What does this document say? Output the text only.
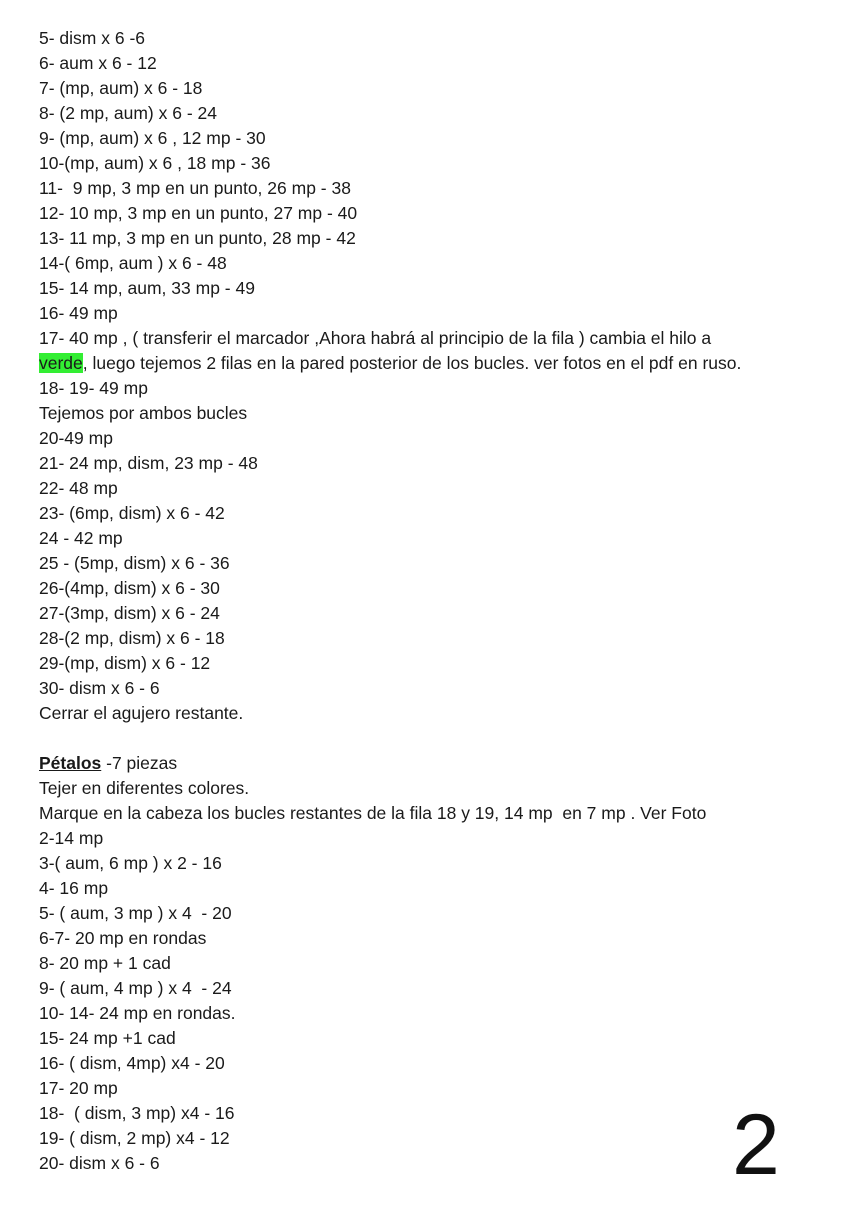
5- dism x 6 -6
6- aum x 6 - 12
7- (mp, aum) x 6 - 18
8- (2 mp, aum) x 6 - 24
9- (mp, aum) x 6 , 12 mp - 30
10-(mp, aum) x 6 , 18 mp - 36
11-  9 mp, 3 mp en un punto, 26 mp - 38
12- 10 mp, 3 mp en un punto, 27 mp - 40
13- 11 mp, 3 mp en un punto, 28 mp - 42
14-( 6mp, aum ) x 6 - 48
15- 14 mp, aum, 33 mp - 49
16- 49 mp
17- 40 mp , ( transferir el marcador ,Ahora habrá al principio de la fila ) cambia el hilo a
verde, luego tejemos 2 filas en la pared posterior de los bucles. ver fotos en el pdf en ruso.
18- 19- 49 mp
Tejemos por ambos bucles
20-49 mp
21- 24 mp, dism, 23 mp - 48
22- 48 mp
23- (6mp, dism) x 6 - 42
24 - 42 mp
25 - (5mp, dism) x 6 - 36
26-(4mp, dism) x 6 - 30
27-(3mp, dism) x 6 - 24
28-(2 mp, dism) x 6 - 18
29-(mp, dism) x 6 - 12
30- dism x 6 - 6
Cerrar el agujero restante.
Pétalos -7 piezas
Tejer en diferentes colores.
Marque en la cabeza los bucles restantes de la fila 18 y 19, 14 mp  en 7 mp . Ver Foto
2-14 mp
3-( aum, 6 mp ) x 2 - 16
4- 16 mp
5- ( aum, 3 mp ) x 4  - 20
6-7- 20 mp en rondas
8- 20 mp + 1 cad
9- ( aum, 4 mp ) x 4  - 24
10- 14- 24 mp en rondas.
15- 24 mp +1 cad
16- ( dism, 4mp) x4 - 20
17- 20 mp
18-  ( dism, 3 mp) x4 - 16
19- ( dism, 2 mp) x4 - 12
20- dism x 6 - 6	2
